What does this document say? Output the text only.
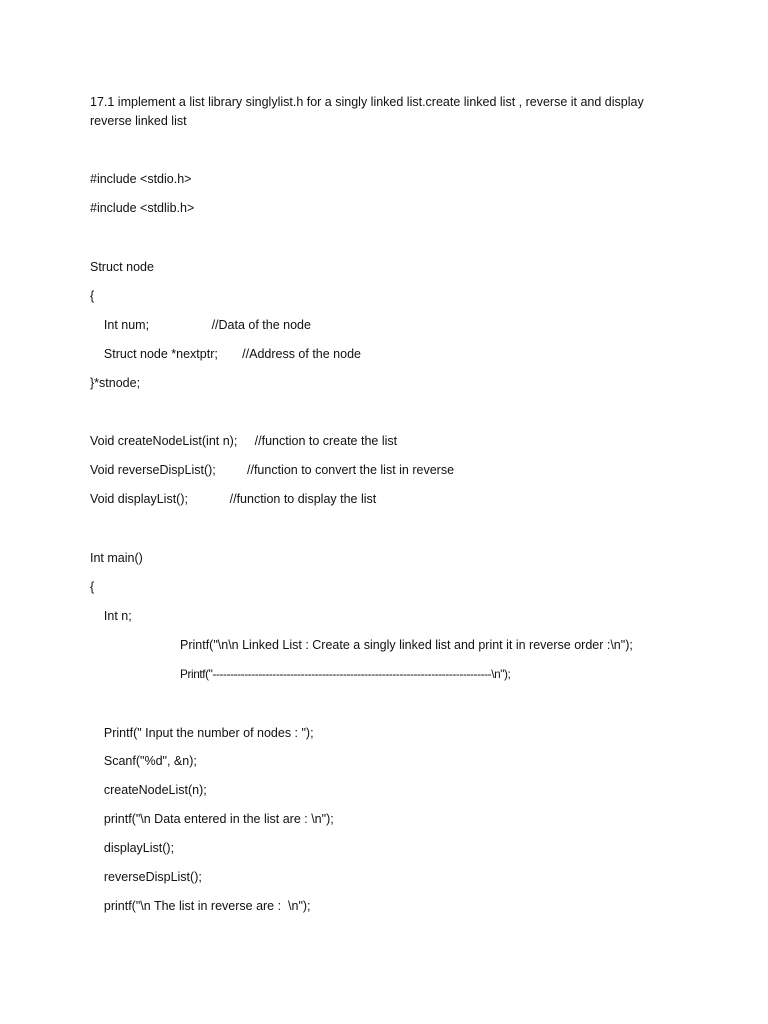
17.1 implement a list library singlylist.h for a singly linked list.create linked list , reverse it and display reverse linked list
#include <stdio.h>
#include <stdlib.h>
Struct node
{
Int num;                  //Data of the node
Struct node *nextptr;       //Address of the node
}*stnode;
Void createNodeList(int n);     //function to create the list
Void reverseDispList();         //function to convert the list in reverse
Void displayList();            //function to display the list
Int main()
{
Int n;
Printf("\n\n Linked List : Create a singly linked list and print it in reverse order :\n");
Printf("-------------------------------------------------------------------------------\n");
Printf(" Input the number of nodes : ");
Scanf("%d", &n);
createNodeList(n);
printf("\n Data entered in the list are : \n");
displayList();
reverseDispList();
printf("\n The list in reverse are :  \n");
